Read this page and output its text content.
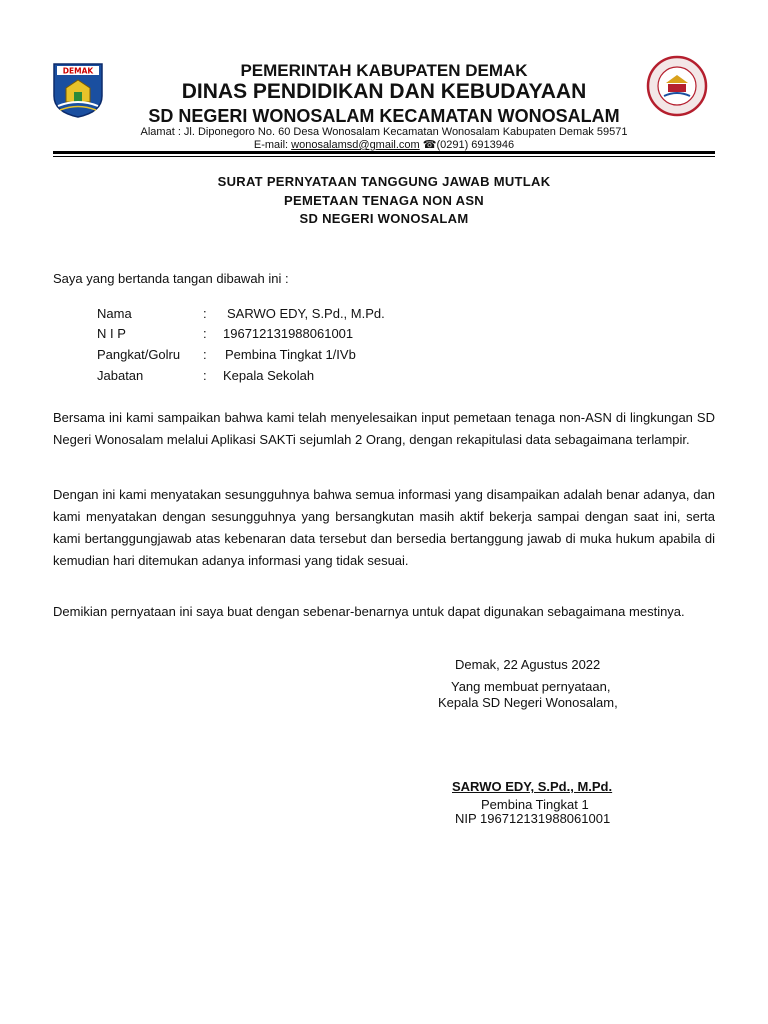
DEMAK	PEMERINTAH KABUPATEN DEMAK
DINAS PENDIDIKAN DAN KEBUDAYAAN
SD NEGERI WONOSALAM KECAMATAN WONOSALAM
Alamat : Jl. Diponegoro No. 60 Desa Wonosalam Kecamatan Wonosalam Kabupaten Demak 59571
E-mail: wonosalamsd@gmail.com ☎(0291) 6913946
SURAT PERNYATAAN TANGGUNG JAWAB MUTLAK
PEMETAAN TENAGA NON ASN
SD NEGERI WONOSALAM
Saya yang bertanda tangan dibawah ini :
Nama	: SARWO EDY, S.Pd., M.Pd.
N I P	: 196712131988061001
Pangkat/Golru : Pembina Tingkat 1/IVb
Jabatan	: Kepala Sekolah
Bersama ini kami sampaikan bahwa kami telah menyelesaikan input pemetaan tenaga non-ASN di lingkungan SD Negeri Wonosalam melalui Aplikasi SAKTi sejumlah 2 Orang, dengan rekapitulasi data sebagaimana terlampir.
Dengan ini kami menyatakan sesungguhnya bahwa semua informasi yang disampaikan adalah benar adanya, dan kami menyatakan dengan sesungguhnya yang bersangkutan masih aktif bekerja sampai dengan saat ini, serta kami bertanggungjawab atas kebenaran data tersebut dan bersedia bertanggung jawab di muka hukum apabila di kemudian hari ditemukan adanya informasi yang tidak sesuai.
Demikian pernyataan ini saya buat dengan sebenar-benarnya untuk dapat digunakan sebagaimana mestinya.
Demak, 22 Agustus 2022
Yang membuat pernyataan,
Kepala SD Negeri Wonosalam,
SARWO EDY, S.Pd., M.Pd.
Pembina Tingkat 1
NIP 196712131988061001
